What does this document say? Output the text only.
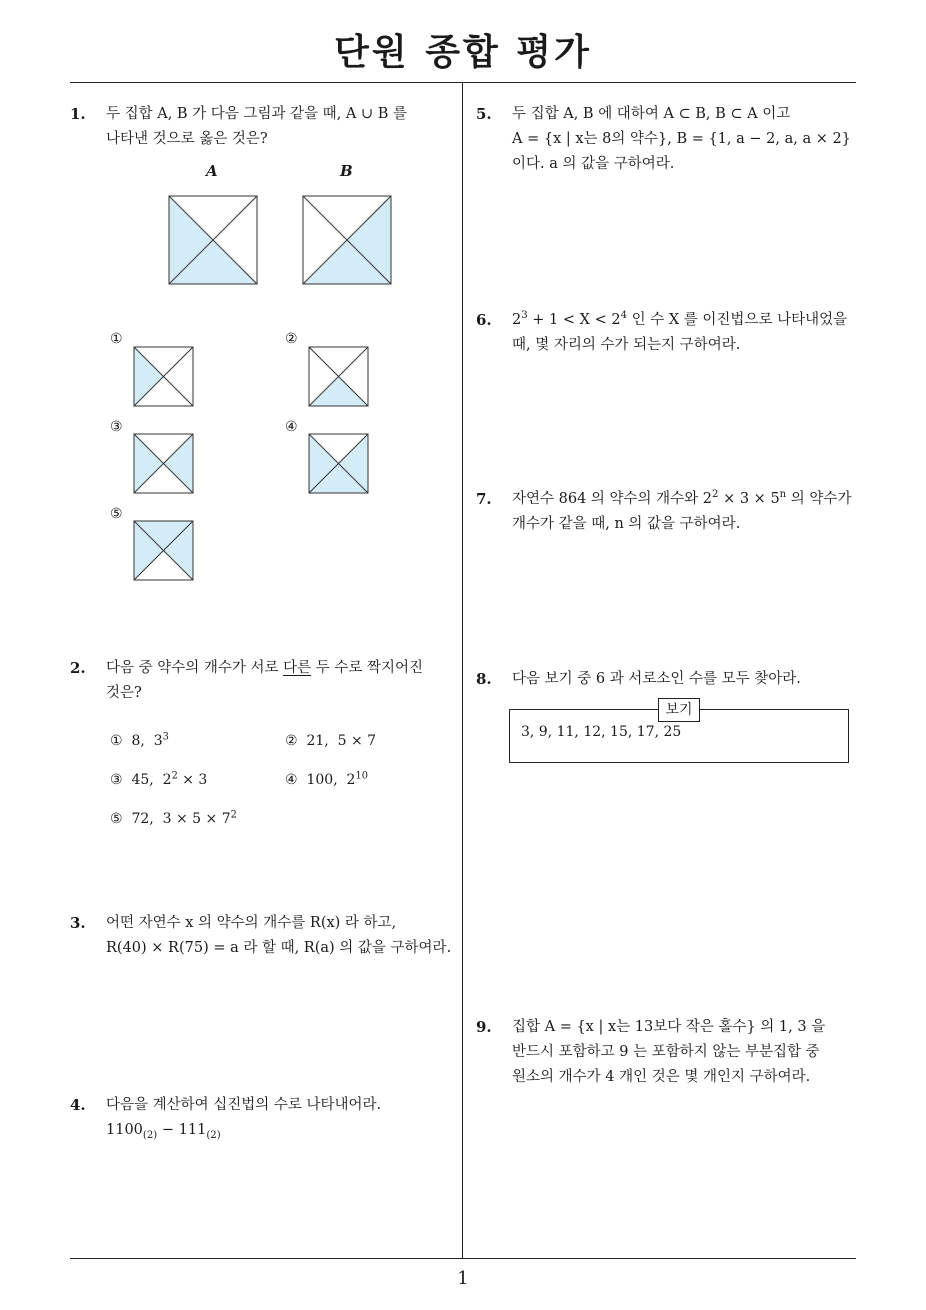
단원 종합 평가
1
1. 두 집합 A, B 가 다음 그림과 같을 때, A ∪ B 를
나타낸 것으로 옳은 것은?
A	B
①	②
③	④
⑤
2. 다음 중 약수의 개수가 서로 다른 두 수로 짝지어진
것은?
① 8, $3^3$	② 21, 5 × 7
③ 45, $2^2 \times 3$	④ 100, $2^{10}$
⑤ 72, $3 \times 5 \times 7^2$
3. 어떤 자연수 x 의 약수의 개수를 R(x) 라 하고,
R(40) × R(75) = a 라 할 때, R(a) 의 값을 구하여라.
4. 다음을 계산하여 십진법의 수로 나타내어라.
$1100_{(2)} - 111_{(2)}$
5. 두 집합 A, B 에 대하여 A ⊂ B, B ⊂ A 이고
A = {x | x는 8의 약수}, B = {1, a − 2, a, a × 2}
이다. a 의 값을 구하여라.
6. $2^3 + 1 < X < 2^4$ 인 수 X 를 이진법으로 나타내었을
때, 몇 자리의 수가 되는지 구하여라.
7. 자연수 864 의 약수의 개수와 $2^2 \times 3 \times 5^n$ 의 약수가
개수가 같을 때, n 의 값을 구하여라.
8. 다음 보기 중 6 과 서로소인 수를 모두 찾아라.
보기
3, 9, 11, 12, 15, 17, 25
9. 집합 A = {x | x는 13보다 작은 홀수} 의 1, 3 을
반드시 포함하고 9 는 포함하지 않는 부분집합 중
원소의 개수가 4 개인 것은 몇 개인지 구하여라.
